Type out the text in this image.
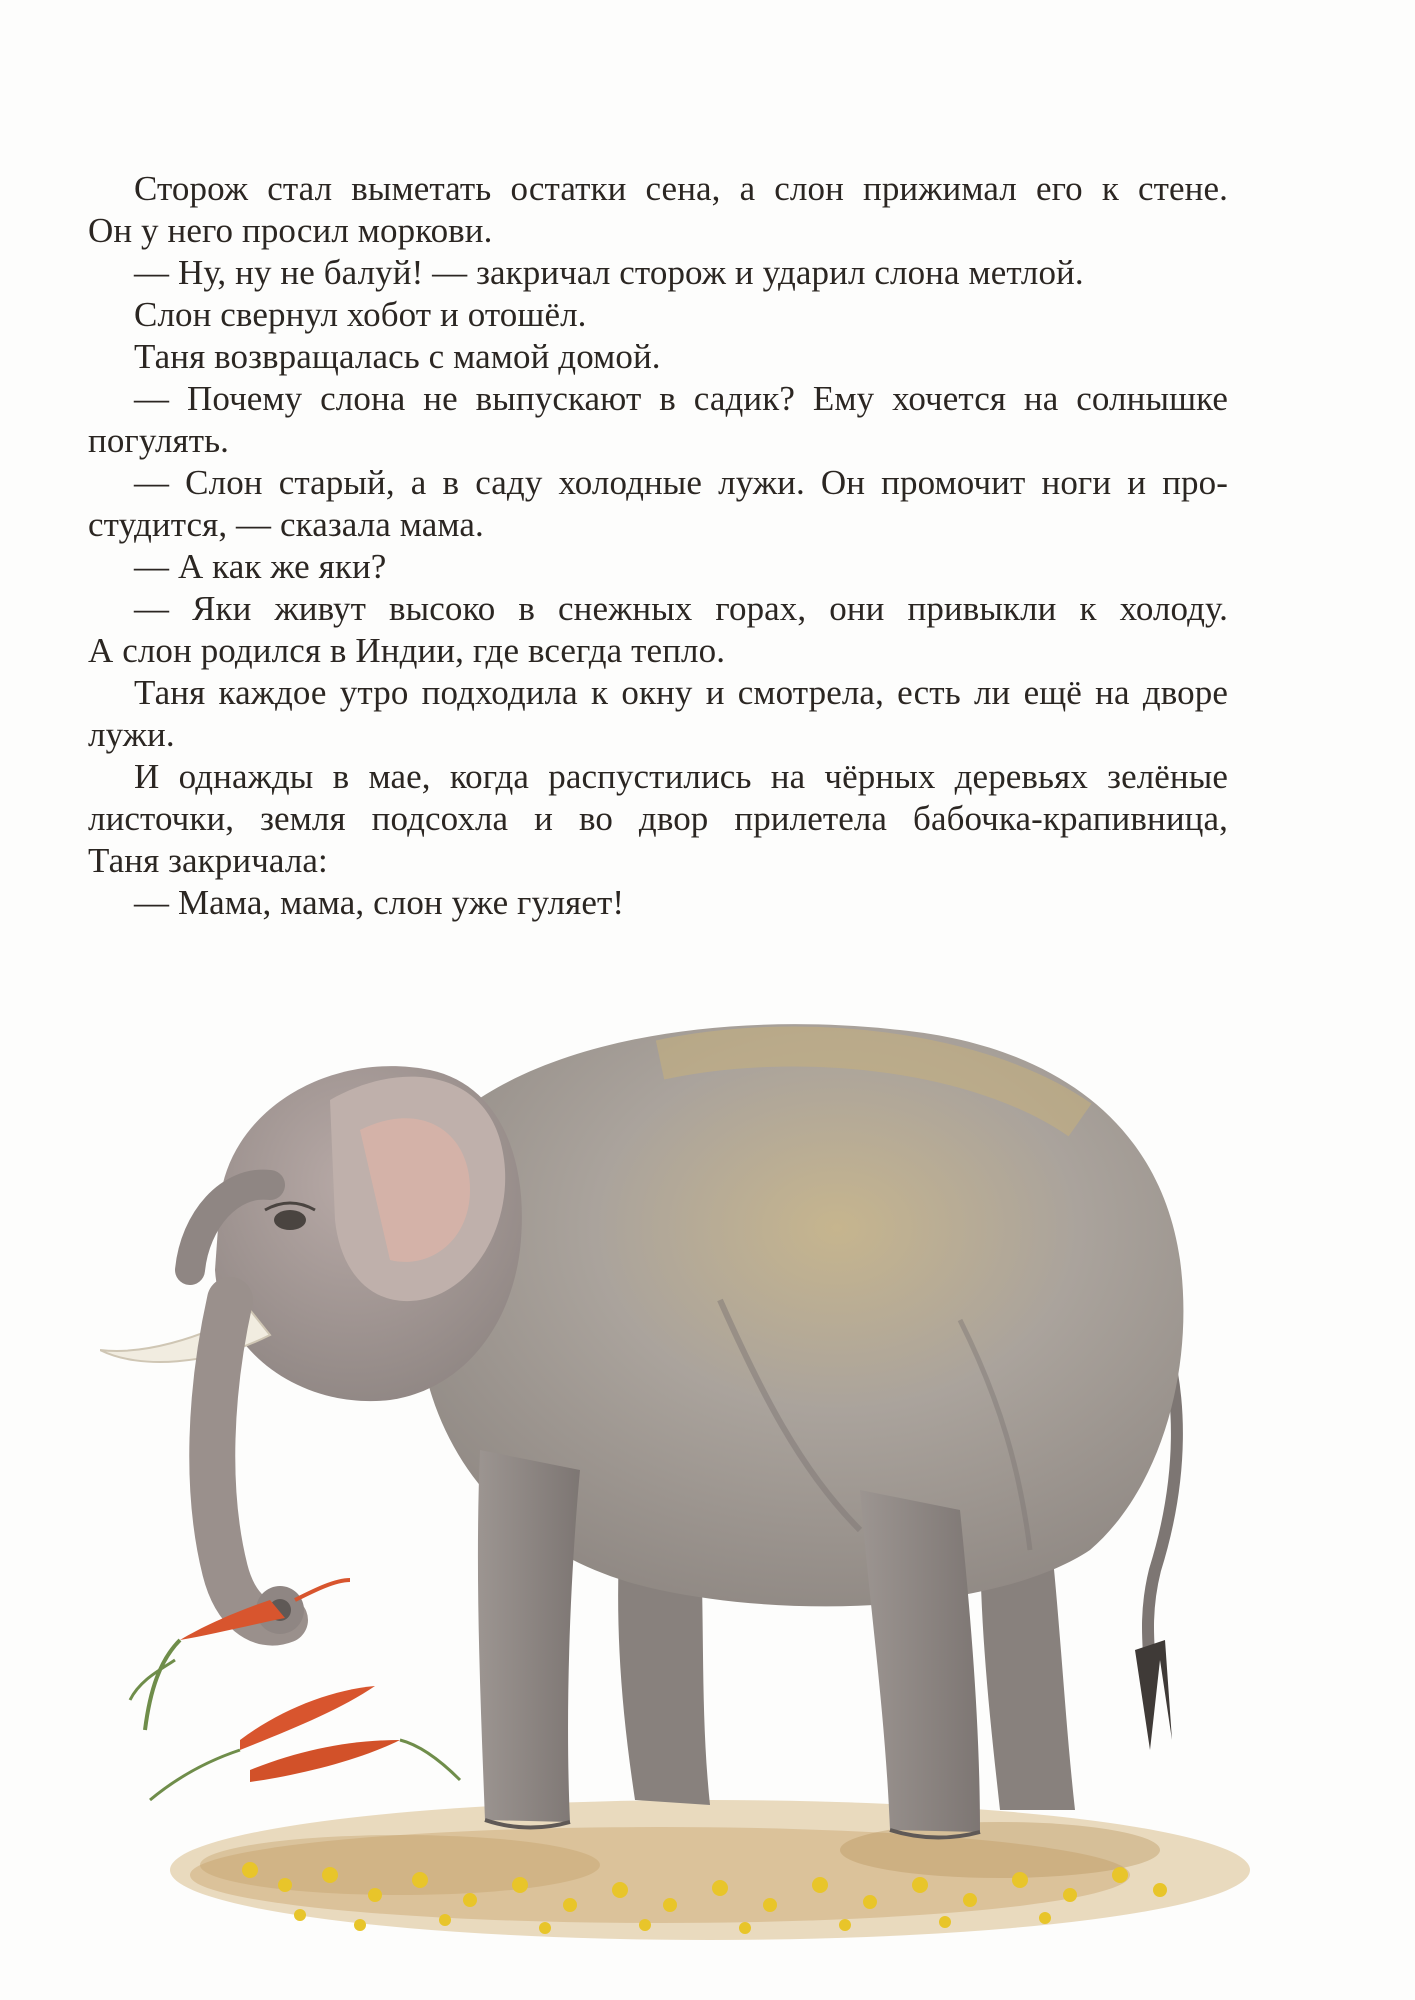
Сторож стал выметать остатки сена, а слон прижимал его к стене.
Он у него просил моркови.
— Ну, ну не балуй! — закричал сторож и ударил слона метлой.
Слон свернул хобот и отошёл.
Таня возвращалась с мамой домой.
— Почему слона не выпускают в садик? Ему хочется на солнышке
погулять.
— Слон старый, а в саду холодные лужи. Он промочит ноги и про-
студится, — сказала мама.
— А как же яки?
— Яки живут высоко в снежных горах, они привыкли к холоду.
А слон родился в Индии, где всегда тепло.
Таня каждое утро подходила к окну и смотрела, есть ли ещё на дворе
лужи.
И однажды в мае, когда распустились на чёрных деревьях зелёные
листочки, земля подсохла и во двор прилетела бабочка-крапивница,
Таня закричала:
— Мама, мама, слон уже гуляет!
